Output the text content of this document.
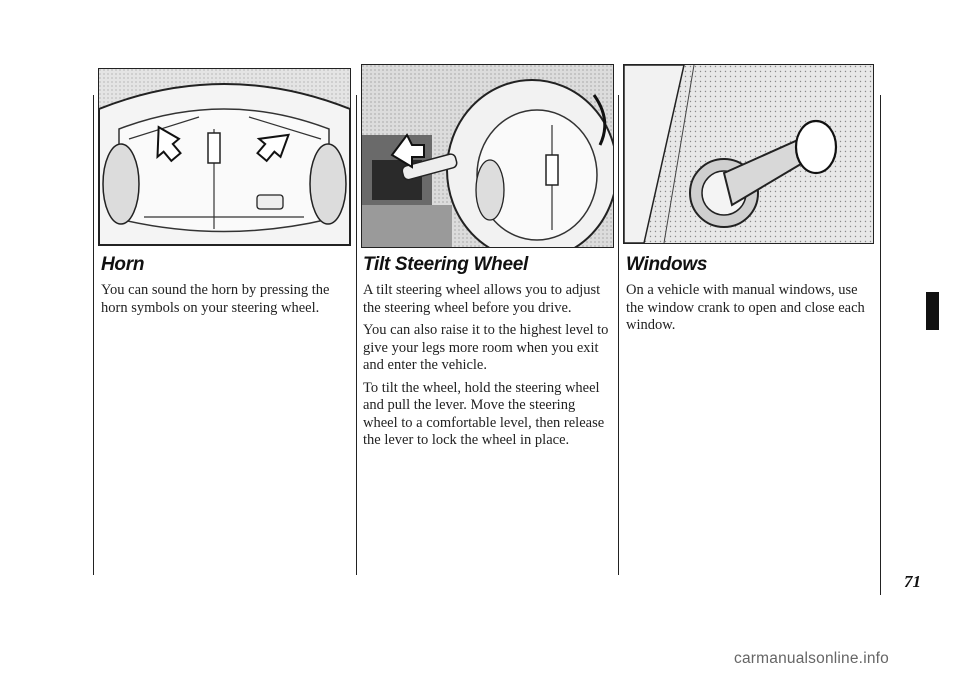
Horn	Tilt Steering Wheel	Windows

You can sound the horn by pressing the horn symbols on your steering wheel.

A tilt steering wheel allows you to adjust the steering wheel before you drive.

You can also raise it to the highest level to give your legs more room when you exit and enter the vehicle.

To tilt the wheel, hold the steering wheel and pull the lever. Move the steering wheel to a comfortable level, then release the lever to lock the wheel in place.

On a vehicle with manual windows, use the window crank to open and close each window.

71
carmanualsonline.info
